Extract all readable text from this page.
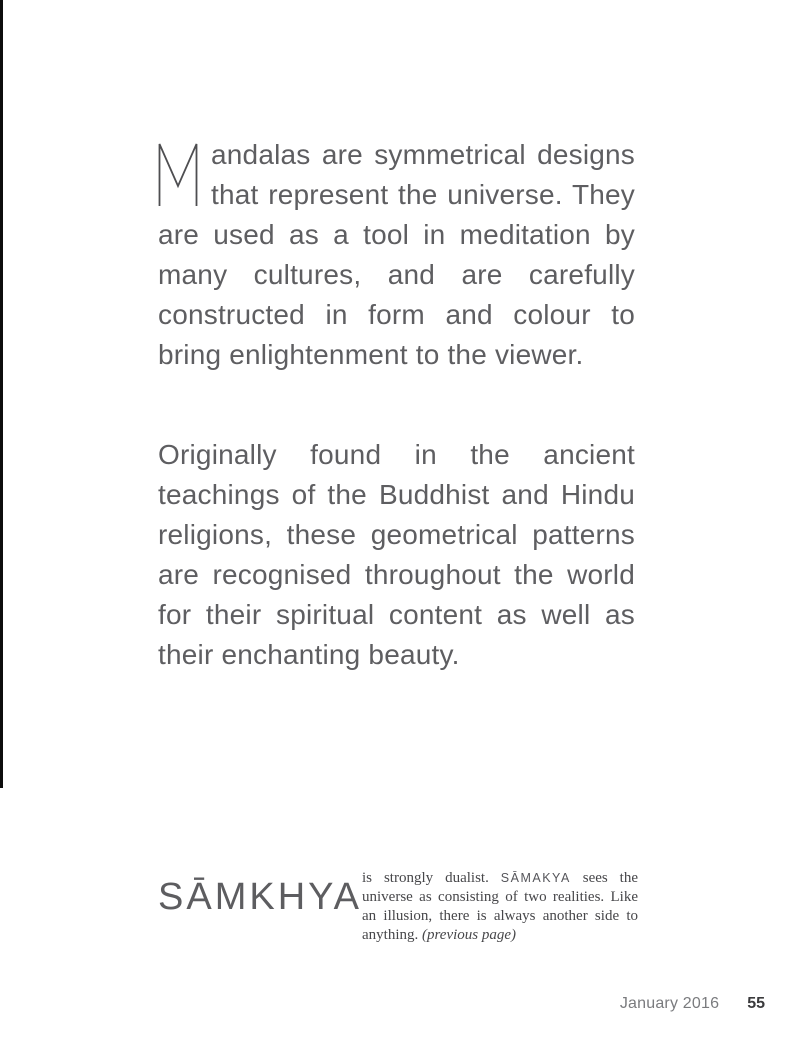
andalas are symmetrical designs that represent the universe. They are used as a tool in meditation by many cultures, and are carefully constructed in form and colour to bring enlightenment to the viewer.

Originally found in the ancient teachings of the Buddhist and Hindu religions, these geometrical patterns are recognised throughout the world for their spiritual content as well as their enchanting beauty.

SĀMKHYA is strongly dualist. SĀMAKYA sees the universe as consisting of two realities. Like an illusion, there is always another side to anything. (previous page)

January 2016 55
